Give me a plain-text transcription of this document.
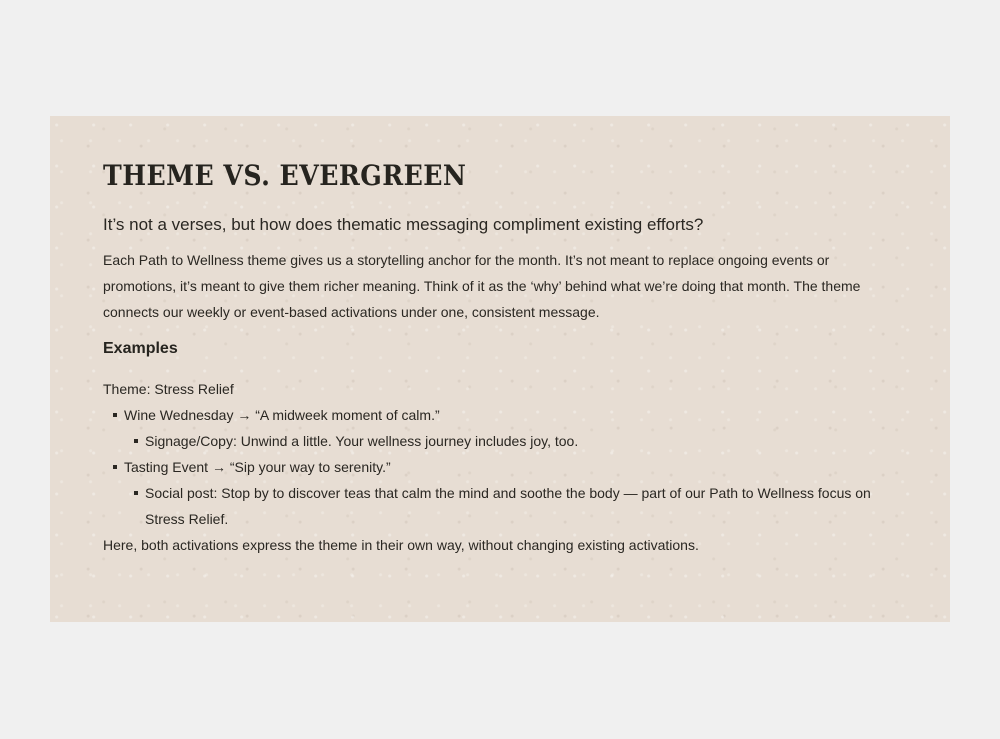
THEME VS. EVERGREEN

It’s not a verses, but how does thematic messaging compliment existing efforts?

Each Path to Wellness theme gives us a storytelling anchor for the month. It’s not meant to replace ongoing events or promotions, it’s meant to give them richer meaning. Think of it as the ‘why’ behind what we’re doing that month. The theme connects our weekly or event-based activations under one, consistent message.

Examples

Theme: Stress Relief

Wine Wednesday → “A midweek moment of calm.”
Signage/Copy: Unwind a little. Your wellness journey includes joy, too.
Tasting Event → “Sip your way to serenity.”
Social post: Stop by to discover teas that calm the mind and soothe the body — part of our Path to Wellness focus on Stress Relief.

Here, both activations express the theme in their own way, without changing existing activations.
